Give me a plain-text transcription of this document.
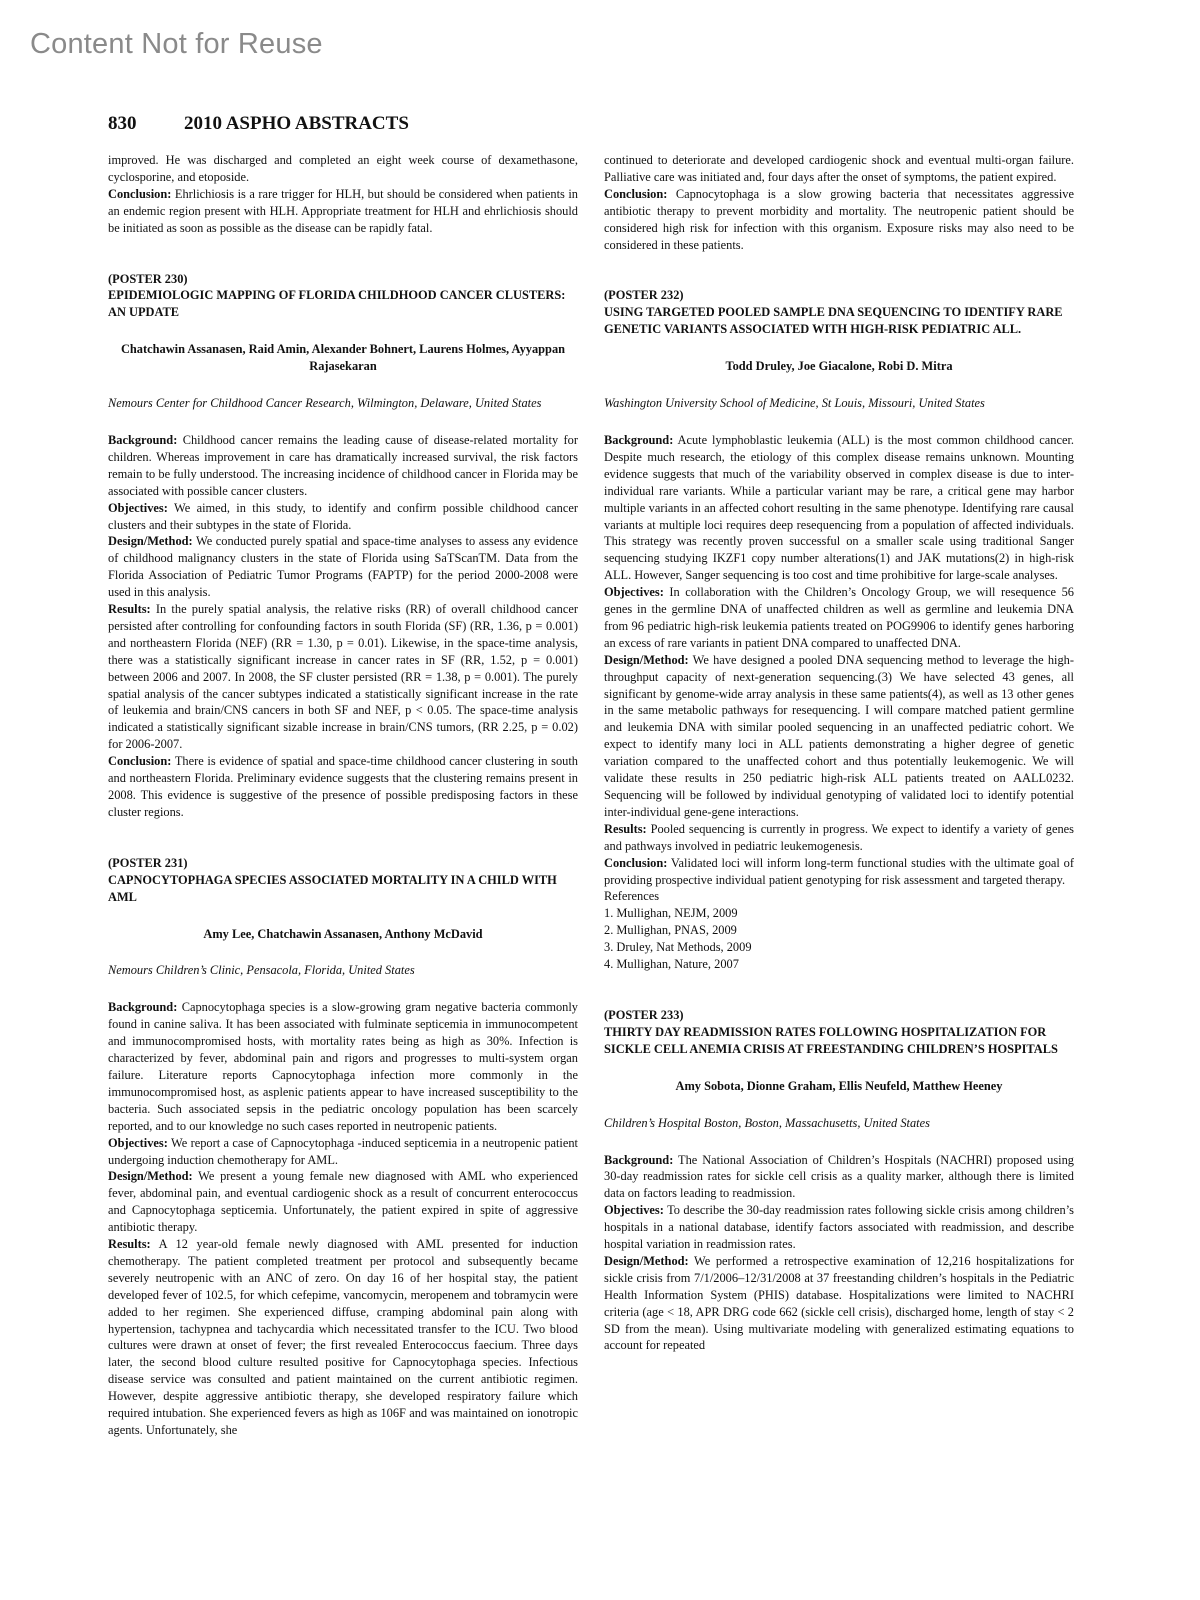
Content Not for Reuse
830	2010 ASPHO ABSTRACTS

improved. He was discharged and completed an eight week course of dexamethasone, cyclosporine, and etoposide.

Conclusion: Ehrlichiosis is a rare trigger for HLH, but should be considered when patients in an endemic region present with HLH. Appropriate treatment for HLH and ehrlichiosis should be initiated as soon as possible as the disease can be rapidly fatal.

(POSTER 230)

EPIDEMIOLOGIC MAPPING OF FLORIDA CHILDHOOD CANCER CLUSTERS: AN UPDATE

Chatchawin Assanasen, Raid Amin, Alexander Bohnert, Laurens Holmes, Ayyappan Rajasekaran

Nemours Center for Childhood Cancer Research, Wilmington, Delaware, United States

Background: Childhood cancer remains the leading cause of disease-related mortality for children. Whereas improvement in care has dramatically increased survival, the risk factors remain to be fully understood. The increasing incidence of childhood cancer in Florida may be associated with possible cancer clusters.

Objectives: We aimed, in this study, to identify and confirm possible childhood cancer clusters and their subtypes in the state of Florida.

Design/Method: We conducted purely spatial and space-time analyses to assess any evidence of childhood malignancy clusters in the state of Florida using SaTScanTM. Data from the Florida Association of Pediatric Tumor Programs (FAPTP) for the period 2000-2008 were used in this analysis.

Results: In the purely spatial analysis, the relative risks (RR) of overall childhood cancer persisted after controlling for confounding factors in south Florida (SF) (RR, 1.36, p = 0.001) and northeastern Florida (NEF) (RR = 1.30, p = 0.01). Likewise, in the space-time analysis, there was a statistically significant increase in cancer rates in SF (RR, 1.52, p = 0.001) between 2006 and 2007. In 2008, the SF cluster persisted (RR = 1.38, p = 0.001). The purely spatial analysis of the cancer subtypes indicated a statistically significant increase in the rate of leukemia and brain/CNS cancers in both SF and NEF, p < 0.05. The space-time analysis indicated a statistically significant sizable increase in brain/CNS tumors, (RR 2.25, p = 0.02) for 2006-2007.

Conclusion: There is evidence of spatial and space-time childhood cancer clustering in south and northeastern Florida. Preliminary evidence suggests that the clustering remains present in 2008. This evidence is suggestive of the presence of possible predisposing factors in these cluster regions.

(POSTER 231)

CAPNOCYTOPHAGA SPECIES ASSOCIATED MORTALITY IN A CHILD WITH AML

Amy Lee, Chatchawin Assanasen, Anthony McDavid

Nemours Children’s Clinic, Pensacola, Florida, United States

Background: Capnocytophaga species is a slow-growing gram negative bacteria commonly found in canine saliva. It has been associated with fulminate septicemia in immunocompetent and immunocompromised hosts, with mortality rates being as high as 30%. Infection is characterized by fever, abdominal pain and rigors and progresses to multi-system organ failure. Literature reports Capnocytophaga infection more commonly in the immunocompromised host, as asplenic patients appear to have increased susceptibility to the bacteria. Such associated sepsis in the pediatric oncology population has been scarcely reported, and to our knowledge no such cases reported in neutropenic patients.

Objectives: We report a case of Capnocytophaga -induced septicemia in a neutropenic patient undergoing induction chemotherapy for AML.

Design/Method: We present a young female new diagnosed with AML who experienced fever, abdominal pain, and eventual cardiogenic shock as a result of concurrent enterococcus and Capnocytophaga septicemia. Unfortunately, the patient expired in spite of aggressive antibiotic therapy.

Results: A 12 year-old female newly diagnosed with AML presented for induction chemotherapy. The patient completed treatment per protocol and subsequently became severely neutropenic with an ANC of zero. On day 16 of her hospital stay, the patient developed fever of 102.5, for which cefepime, vancomycin, meropenem and tobramycin were added to her regimen. She experienced diffuse, cramping abdominal pain along with hypertension, tachypnea and tachycardia which necessitated transfer to the ICU. Two blood cultures were drawn at onset of fever; the first revealed Enterococcus faecium. Three days later, the second blood culture resulted positive for Capnocytophaga species. Infectious disease service was consulted and patient maintained on the current antibiotic regimen. However, despite aggressive antibiotic therapy, she developed respiratory failure which required intubation. She experienced fevers as high as 106F and was maintained on ionotropic agents. Unfortunately, she

continued to deteriorate and developed cardiogenic shock and eventual multi-organ failure. Palliative care was initiated and, four days after the onset of symptoms, the patient expired.

Conclusion: Capnocytophaga is a slow growing bacteria that necessitates aggressive antibiotic therapy to prevent morbidity and mortality. The neutropenic patient should be considered high risk for infection with this organism. Exposure risks may also need to be considered in these patients.

(POSTER 232)

USING TARGETED POOLED SAMPLE DNA SEQUENCING TO IDENTIFY RARE GENETIC VARIANTS ASSOCIATED WITH HIGH-RISK PEDIATRIC ALL.

Todd Druley, Joe Giacalone, Robi D. Mitra

Washington University School of Medicine, St Louis, Missouri, United States

Background: Acute lymphoblastic leukemia (ALL) is the most common childhood cancer. Despite much research, the etiology of this complex disease remains unknown. Mounting evidence suggests that much of the variability observed in complex disease is due to inter-individual rare variants. While a particular variant may be rare, a critical gene may harbor multiple variants in an affected cohort resulting in the same phenotype. Identifying rare causal variants at multiple loci requires deep resequencing from a population of affected individuals. This strategy was recently proven successful on a smaller scale using traditional Sanger sequencing studying IKZF1 copy number alterations(1) and JAK mutations(2) in high-risk ALL. However, Sanger sequencing is too cost and time prohibitive for large-scale analyses.

Objectives: In collaboration with the Children’s Oncology Group, we will resequence 56 genes in the germline DNA of unaffected children as well as germline and leukemia DNA from 96 pediatric high-risk leukemia patients treated on POG9906 to identify genes harboring an excess of rare variants in patient DNA compared to unaffected DNA.

Design/Method: We have designed a pooled DNA sequencing method to leverage the high-throughput capacity of next-generation sequencing.(3) We have selected 43 genes, all significant by genome-wide array analysis in these same patients(4), as well as 13 other genes in the same metabolic pathways for resequencing. I will compare matched patient germline and leukemia DNA with similar pooled sequencing in an unaffected pediatric cohort. We expect to identify many loci in ALL patients demonstrating a higher degree of genetic variation compared to the unaffected cohort and thus potentially leukemogenic. We will validate these results in 250 pediatric high-risk ALL patients treated on AALL0232. Sequencing will be followed by individual genotyping of validated loci to identify potential inter-individual gene-gene interactions.

Results: Pooled sequencing is currently in progress. We expect to identify a variety of genes and pathways involved in pediatric leukemogenesis.

Conclusion: Validated loci will inform long-term functional studies with the ultimate goal of providing prospective individual patient genotyping for risk assessment and targeted therapy.

References

1. Mullighan, NEJM, 2009

2. Mullighan, PNAS, 2009

3. Druley, Nat Methods, 2009

4. Mullighan, Nature, 2007

(POSTER 233)

THIRTY DAY READMISSION RATES FOLLOWING HOSPITALIZATION FOR SICKLE CELL ANEMIA CRISIS AT FREESTANDING CHILDREN’S HOSPITALS

Amy Sobota, Dionne Graham, Ellis Neufeld, Matthew Heeney

Children’s Hospital Boston, Boston, Massachusetts, United States

Background: The National Association of Children’s Hospitals (NACHRI) proposed using 30-day readmission rates for sickle cell crisis as a quality marker, although there is limited data on factors leading to readmission.

Objectives: To describe the 30-day readmission rates following sickle crisis among children’s hospitals in a national database, identify factors associated with readmission, and describe hospital variation in readmission rates.

Design/Method: We performed a retrospective examination of 12,216 hospitalizations for sickle crisis from 7/1/2006–12/31/2008 at 37 freestanding children’s hospitals in the Pediatric Health Information System (PHIS) database. Hospitalizations were limited to NACHRI criteria (age < 18, APR DRG code 662 (sickle cell crisis), discharged home, length of stay < 2 SD from the mean). Using multivariate modeling with generalized estimating equations to account for repeated
